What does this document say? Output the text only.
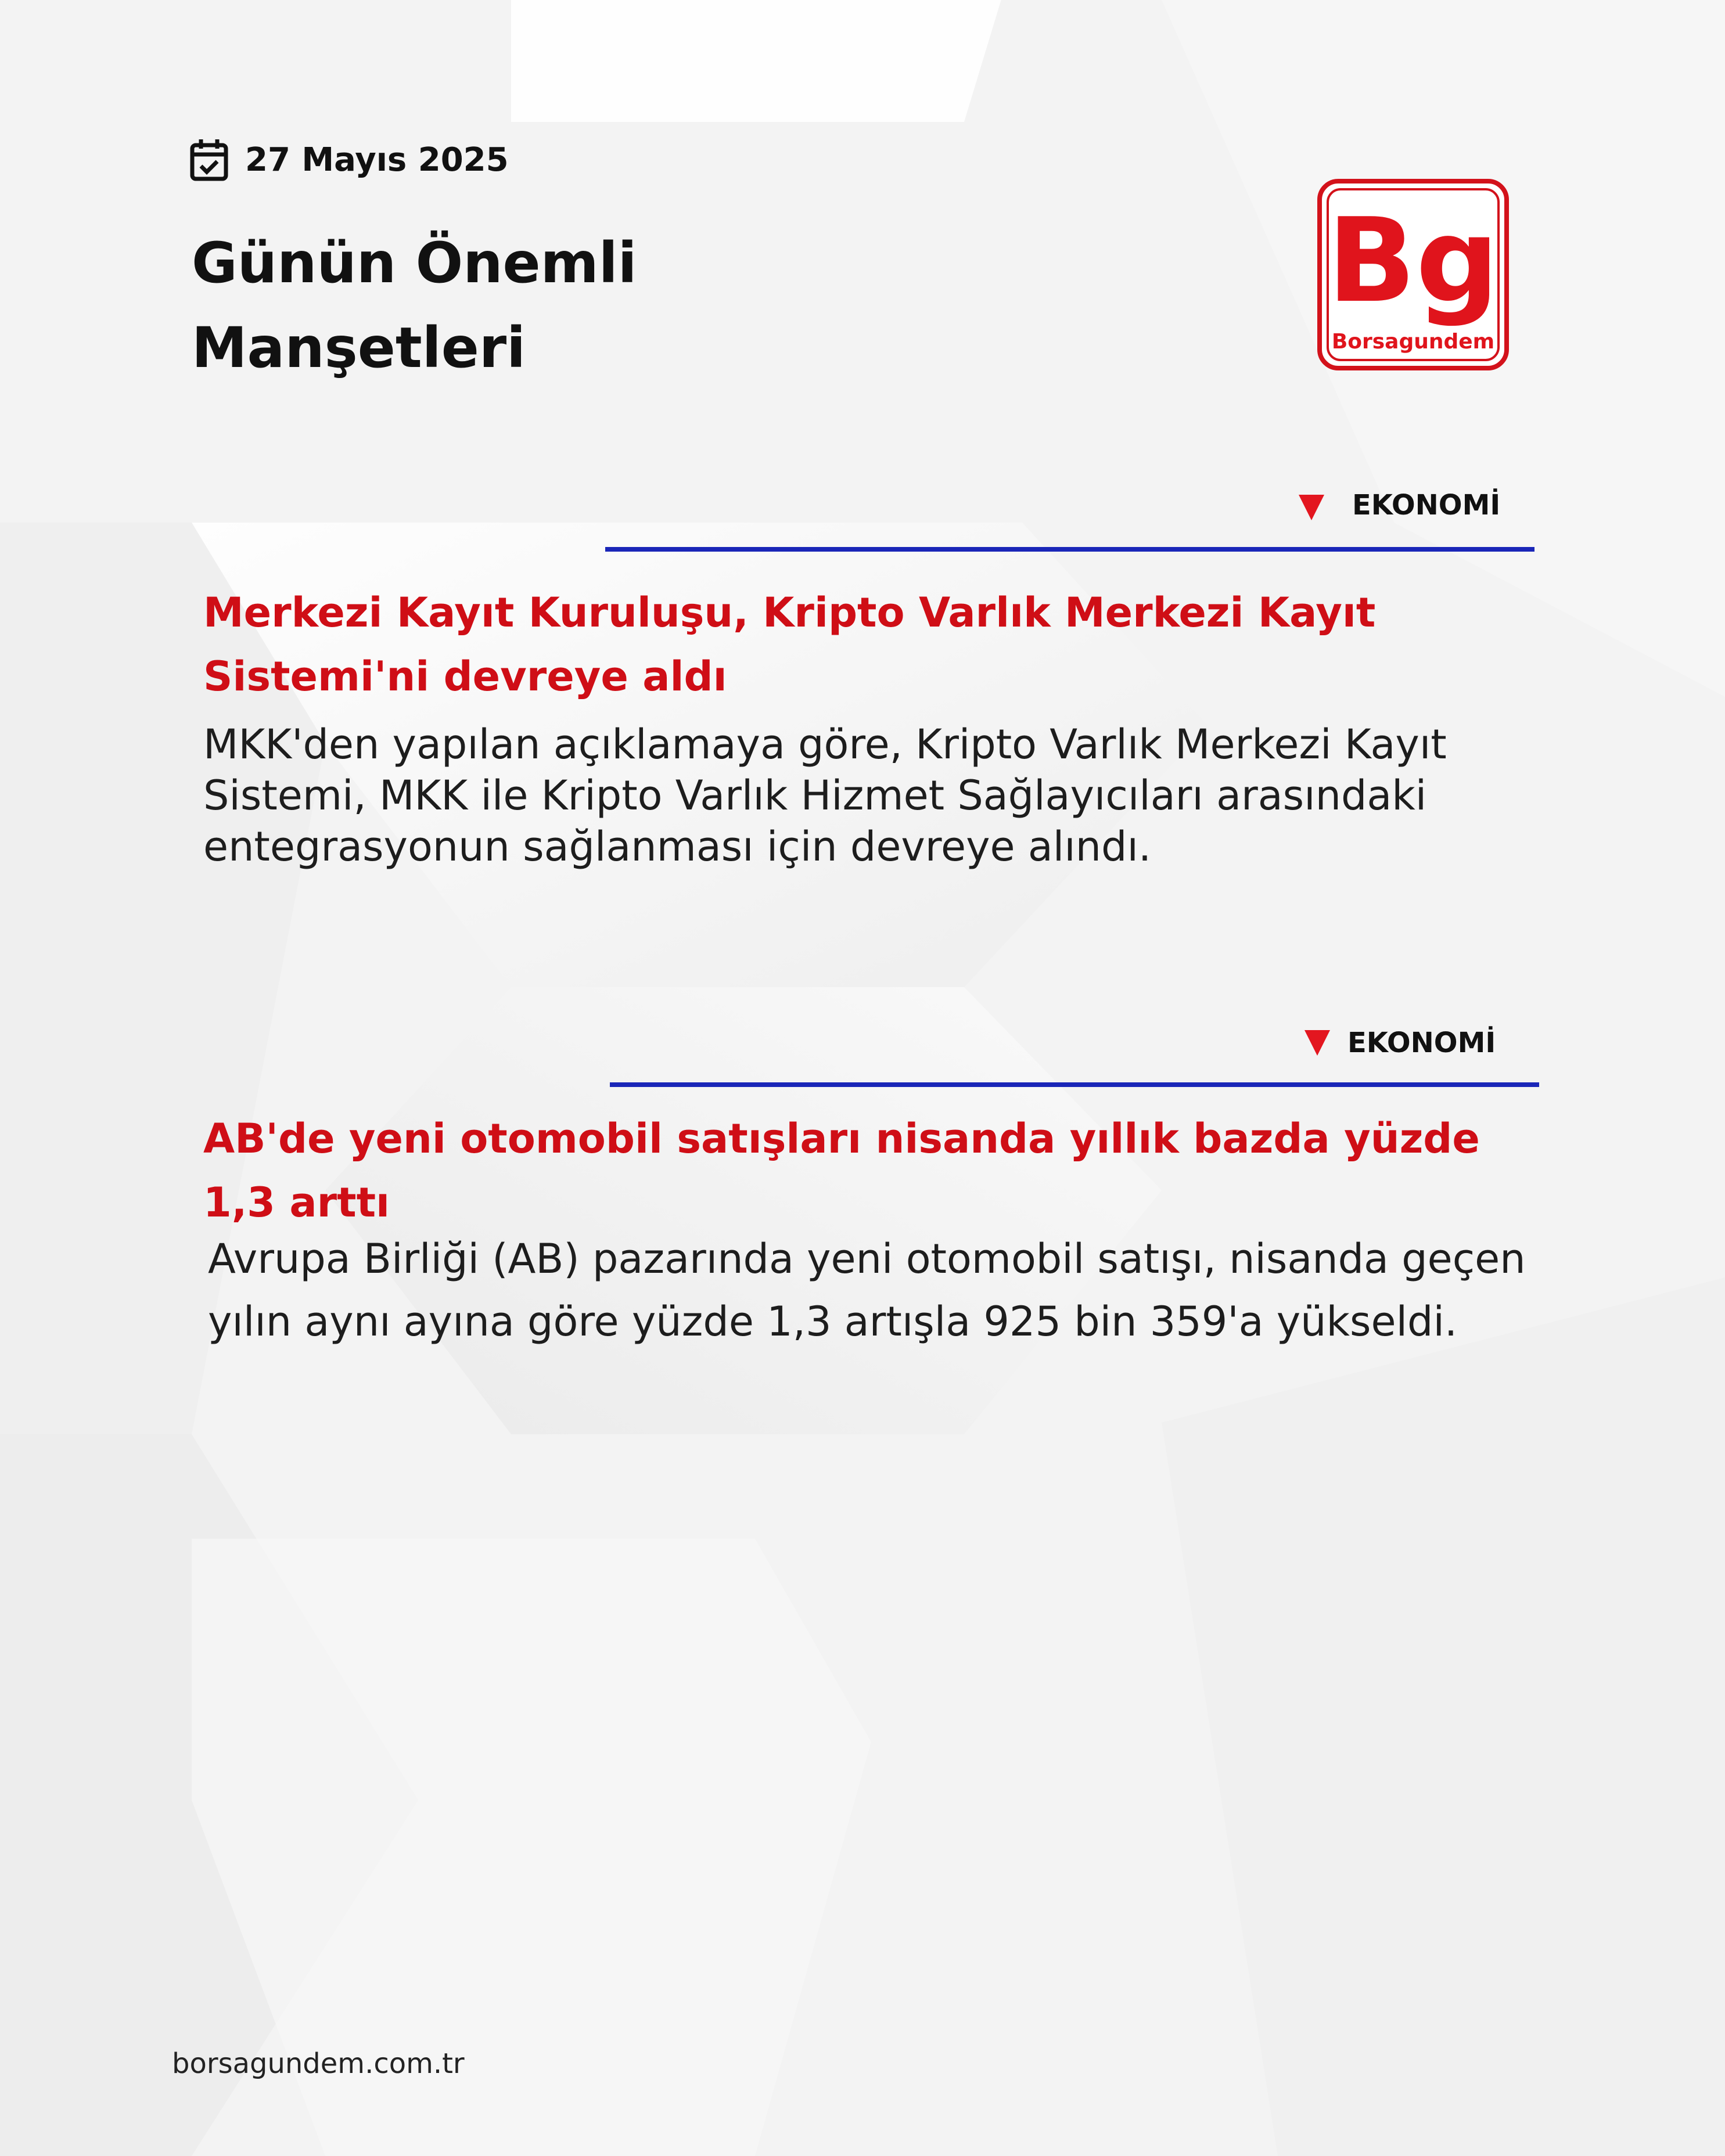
27 Mayıs 2025
Günün Önemli
Manşetleri
Bg
Borsagundem
EKONOMİ
Merkezi Kayıt Kuruluşu, Kripto Varlık Merkezi Kayıt Sistemi'ni devreye aldı
MKK'den yapılan açıklamaya göre, Kripto Varlık Merkezi Kayıt Sistemi, MKK ile Kripto Varlık Hizmet Sağlayıcıları arasındaki entegrasyonun sağlanması için devreye alındı.
EKONOMİ
AB'de yeni otomobil satışları nisanda yıllık bazda yüzde 1,3 arttı
Avrupa Birliği (AB) pazarında yeni otomobil satışı, nisanda geçen yılın aynı ayına göre yüzde 1,3 artışla 925 bin 359'a yükseldi.
borsagundem.com.tr
